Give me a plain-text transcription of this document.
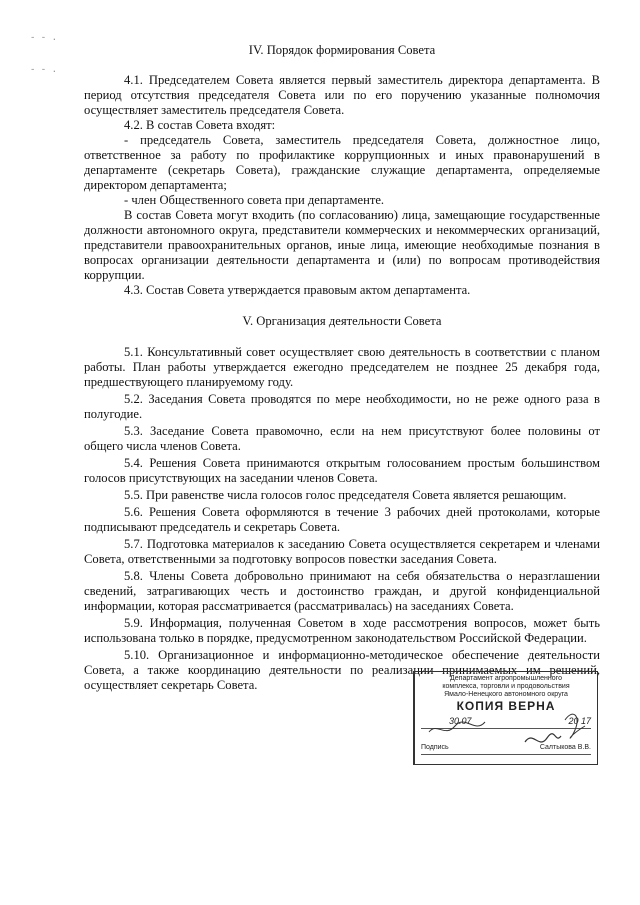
- - .
- - .
IV. Порядок формирования Совета

4.1. Председателем Совета является первый заместитель директора департамента. В период отсутствия председателя Совета или по его поручению указанные полномочия осуществляет заместитель председателя Совета.

4.2. В состав Совета входят:

- председатель Совета, заместитель председателя Совета, должностное лицо, ответственное за работу по профилактике коррупционных и иных правонарушений в департаменте (секретарь Совета), гражданские служащие департамента, определяемые директором департамента;

- член Общественного совета при департаменте.

В состав Совета могут входить (по согласованию) лица, замещающие государственные должности автономного округа, представители коммерческих и некоммерческих организаций, представители правоохранительных органов, иные лица, имеющие необходимые познания в вопросах организации деятельности департамента и (или) по вопросам противодействия коррупции.

4.3. Состав Совета утверждается правовым актом департамента.

V. Организация деятельности Совета

5.1. Консультативный совет осуществляет свою деятельность в соответствии с планом работы. План работы утверждается ежегодно председателем не позднее 25 декабря года, предшествующего планируемому году.

5.2. Заседания Совета проводятся по мере необходимости, но не реже одного раза в полугодие.

5.3. Заседание Совета правомочно, если на нем присутствуют более половины от общего числа членов Совета.

5.4. Решения Совета принимаются открытым голосованием простым большинством голосов присутствующих на заседании членов Совета.

5.5. При равенстве числа голосов голос председателя Совета является решающим.

5.6. Решения Совета оформляются в течение 3 рабочих дней протоколами, которые подписывают председатель и секретарь Совета.

5.7. Подготовка материалов к заседанию Совета осуществляется секретарем и членами Совета, ответственными за подготовку вопросов повестки заседания Совета.

5.8. Члены Совета добровольно принимают на себя обязательства о неразглашении сведений, затрагивающих честь и достоинство граждан, и другой конфиденциальной информации, которая рассматривается (рассматривалась) на заседаниях Совета.

5.9. Информация, полученная Советом в ходе рассмотрения вопросов, может быть использована только в порядке, предусмотренном законодательством Российской Федерации.

5.10. Организационное и информационно-методическое обеспечение деятельности Совета, а также координацию деятельности по реализации принимаемых им решений, осуществляет секретарь Совета.	Департамент агропромышленного
комплекса, торговли и продовольствия
Ямало-Ненецкого автономного округа
КОПИЯ ВЕРНА
30.07	20 17
Подпись	Салтыкова В.В.
